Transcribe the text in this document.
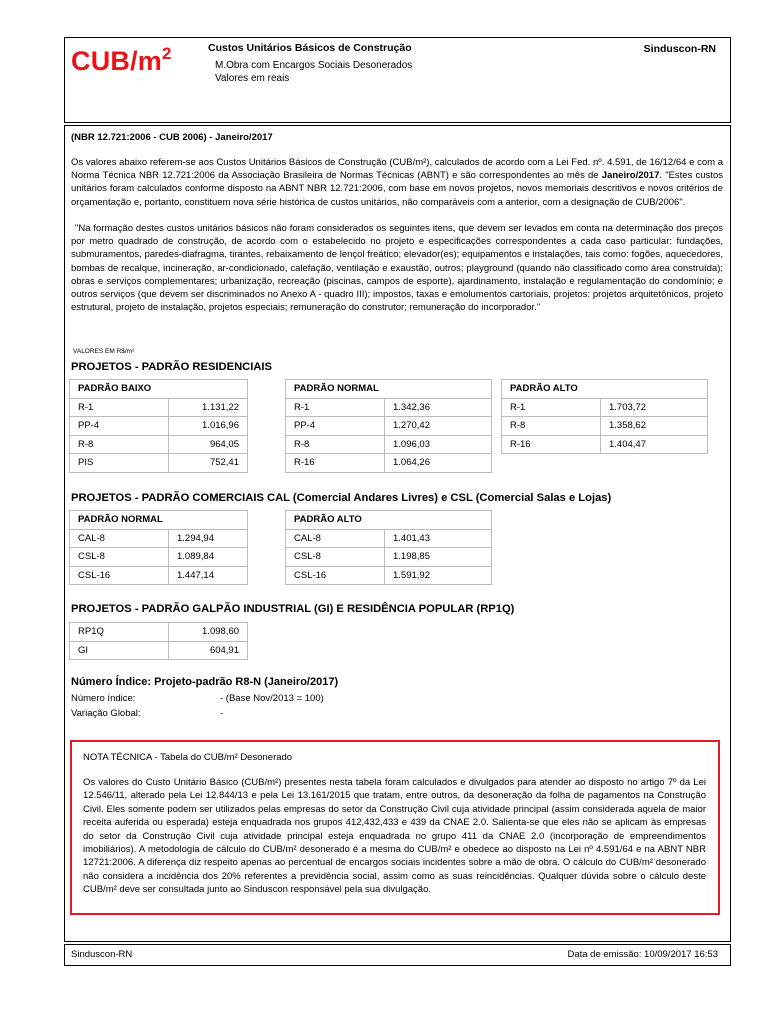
CUB/$m^2$	Custos Unitários Básicos de Construção	Sinduscon-RN
M.Obra com Encargos Sociais Desonerados
Valores em reais
(NBR 12.721:2006 - CUB 2006) - Janeiro/2017

Os valores abaixo referem-se aos Custos Unitários Básicos de Construção (CUB/m²), calculados de acordo com a Lei Fed. nº. 4.591, de 16/12/64 e com a Norma Técnica NBR 12.721:2006 da Associação Brasileira de Normas Técnicas (ABNT) e são correspondentes ao mês de Janeiro/2017. "Estes custos unitários foram calculados conforme disposto na ABNT NBR 12.721:2006, com base em novos projetos, novos memoriais descritivos e novos critérios de orçamentação e, portanto, constituem nova série histórica de custos unitários, não comparáveis com a anterior, com a designação de CUB/2006".

"Na formação destes custos unitários básicos não foram considerados os seguintes itens, que devem ser levados em conta na determinação dos preços por metro quadrado de construção, de acordo com o estabelecido no projeto e especificações correspondentes a cada caso particular: fundações, submuramentos, paredes-diafragma, tirantes, rebaixamento de lençol freático; elevador(es); equipamentos e instalações, tais como: fogões, aquecedores, bombas de recalque, incineração, ar-condicionado, calefação, ventilação e exaustão, outros; playground (quando não classificado como área construída); obras e serviços complementares; urbanização, recreação (piscinas, campos de esporte), ajardinamento, instalação e regulamentação do condomínio; e outros serviços (que devem ser discriminados no Anexo A - quadro III); impostos, taxas e emolumentos cartoriais, projetos: projetos arquitetônicos, projeto estrutural, projeto de instalação, projetos especiais; remuneração do construtor; remuneração do incorporador."

VALORES EM R$/m²
PROJETOS - PADRÃO RESIDENCIAIS
PADRÃO BAIXO	
R-1	1.131,22
PP-4	1.016,96
R-8	964,05
PIS	752,41
PADRÃO NORMAL	
R-1	1.342,36
PP-4	1.270,42
R-8	1.096,03
R-16	1.064,26
PADRÃO ALTO	
R-1	1.703,72
R-8	1.358,62
R-16	1.404,47
PROJETOS - PADRÃO COMERCIAIS CAL (Comercial Andares Livres) e CSL (Comercial Salas e Lojas)
PADRÃO NORMAL	
CAL-8	1.294,94
CSL-8	1.089,84
CSL-16	1.447,14
PADRÃO ALTO	
CAL-8	1.401,43
CSL-8	1.198,85
CSL-16	1.591,92
PROJETOS - PADRÃO GALPÃO INDUSTRIAL (GI) E RESIDÊNCIA POPULAR (RP1Q)
RP1Q	1.098,60
GI	604,91
Número Índice: Projeto-padrão R8-N (Janeiro/2017)
Número índice:	- (Base Nov/2013 = 100)
Variação Global:	-
NOTA TÉCNICA - Tabela do CUB/m² Desonerado

Os valores do Custo Unitário Básico (CUB/m²) presentes nesta tabela foram calculados e divulgados para atender ao disposto no artigo 7º da Lei 12.546/11, alterado pela Lei 12.844/13 e pela Lei 13.161/2015 que tratam, entre outros, da desoneração da folha de pagamentos na Construção Civil. Eles somente podem ser utilizados pelas empresas do setor da Construção Civil cuja atividade principal (assim considerada aquela de maior receita auferida ou esperada) esteja enquadrada nos grupos 412,432,433 e 439 da CNAE 2.0. Salienta-se que eles não se aplicam às empresas do setor da Construção Civil cuja atividade principal esteja enquadrada no grupo 411 da CNAE 2.0 (incorporação de empreendimentos imobiliários). A metodologia de cálculo do CUB/m² desonerado é a mesma do CUB/m² e obedece ao disposto na Lei nº 4.591/64 e na ABNT NBR 12721:2006. A diferença diz respeito apenas ao percentual de encargos sociais incidentes sobre a mão de obra. O cálculo do CUB/m² desonerado não considera a incidência dos 20% referentes a previdência social, assim como as suas reincidências. Qualquer dúvida sobre o cálculo deste CUB/m² deve ser consultada junto ao Sinduscon responsável pela sua divulgação.

Sinduscon-RN	Data de emissão: 10/09/2017 16:53
